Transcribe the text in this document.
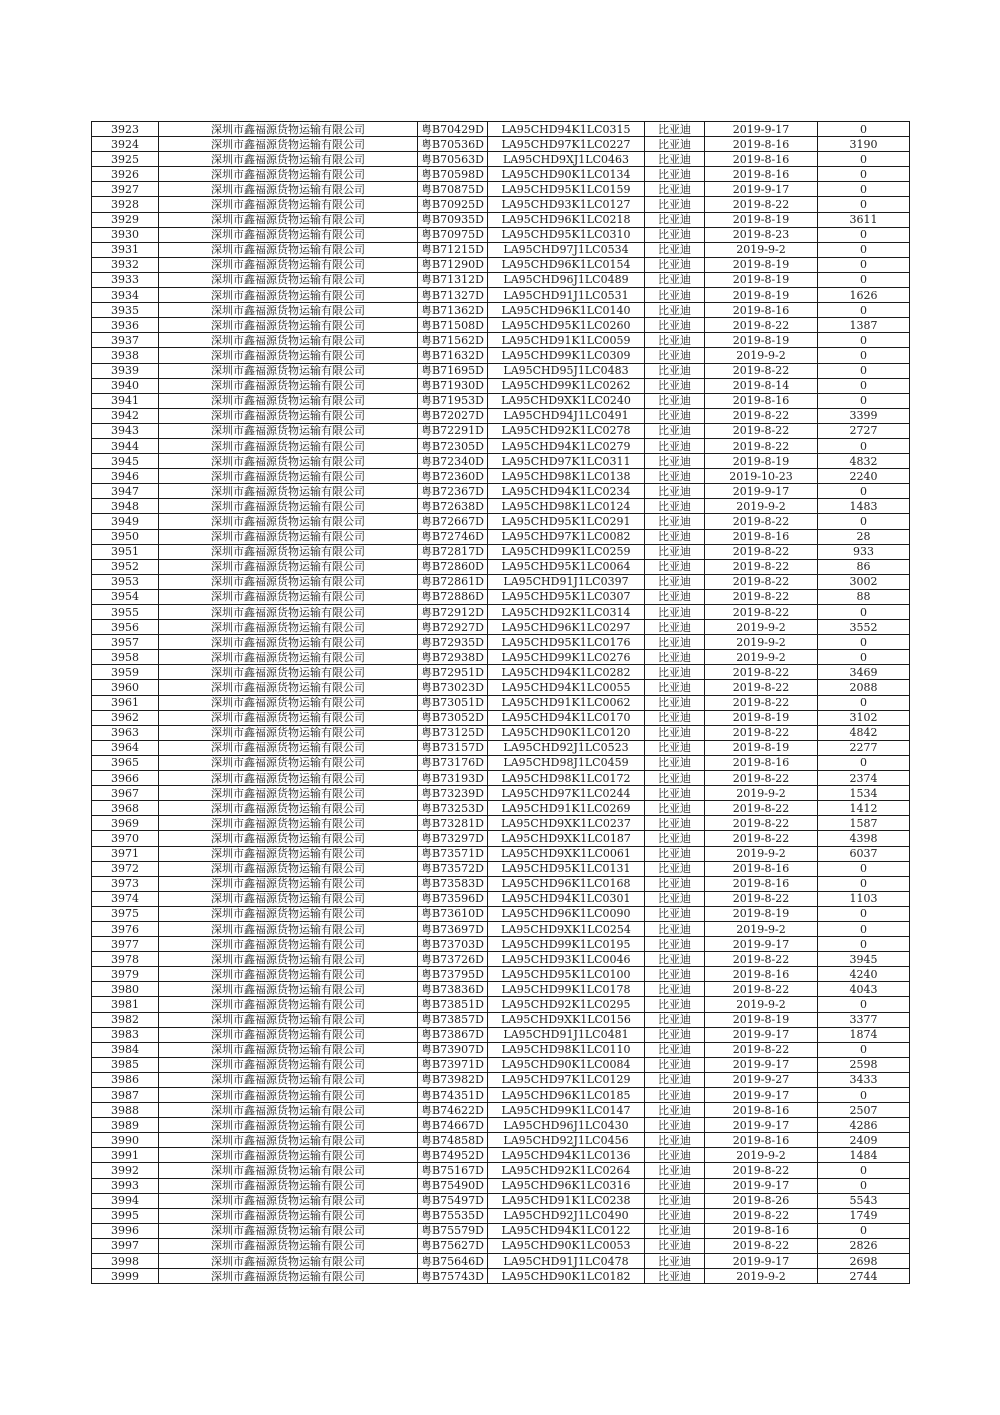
3923	深圳市鑫福源货物运输有限公司	粤B70429D	LA95CHD94K1LC0315	比亚迪	2019-9-17	0
3924	深圳市鑫福源货物运输有限公司	粤B70536D	LA95CHD97K1LC0227	比亚迪	2019-8-16	3190
3925	深圳市鑫福源货物运输有限公司	粤B70563D	LA95CHD9XJ1LC0463	比亚迪	2019-8-16	0
3926	深圳市鑫福源货物运输有限公司	粤B70598D	LA95CHD90K1LC0134	比亚迪	2019-8-16	0
3927	深圳市鑫福源货物运输有限公司	粤B70875D	LA95CHD95K1LC0159	比亚迪	2019-9-17	0
3928	深圳市鑫福源货物运输有限公司	粤B70925D	LA95CHD93K1LC0127	比亚迪	2019-8-22	0
3929	深圳市鑫福源货物运输有限公司	粤B70935D	LA95CHD96K1LC0218	比亚迪	2019-8-19	3611
3930	深圳市鑫福源货物运输有限公司	粤B70975D	LA95CHD95K1LC0310	比亚迪	2019-8-23	0
3931	深圳市鑫福源货物运输有限公司	粤B71215D	LA95CHD97J1LC0534	比亚迪	2019-9-2	0
3932	深圳市鑫福源货物运输有限公司	粤B71290D	LA95CHD96K1LC0154	比亚迪	2019-8-19	0
3933	深圳市鑫福源货物运输有限公司	粤B71312D	LA95CHD96J1LC0489	比亚迪	2019-8-19	0
3934	深圳市鑫福源货物运输有限公司	粤B71327D	LA95CHD91J1LC0531	比亚迪	2019-8-19	1626
3935	深圳市鑫福源货物运输有限公司	粤B71362D	LA95CHD96K1LC0140	比亚迪	2019-8-16	0
3936	深圳市鑫福源货物运输有限公司	粤B71508D	LA95CHD95K1LC0260	比亚迪	2019-8-22	1387
3937	深圳市鑫福源货物运输有限公司	粤B71562D	LA95CHD91K1LC0059	比亚迪	2019-8-19	0
3938	深圳市鑫福源货物运输有限公司	粤B71632D	LA95CHD99K1LC0309	比亚迪	2019-9-2	0
3939	深圳市鑫福源货物运输有限公司	粤B71695D	LA95CHD95J1LC0483	比亚迪	2019-8-22	0
3940	深圳市鑫福源货物运输有限公司	粤B71930D	LA95CHD99K1LC0262	比亚迪	2019-8-14	0
3941	深圳市鑫福源货物运输有限公司	粤B71953D	LA95CHD9XK1LC0240	比亚迪	2019-8-16	0
3942	深圳市鑫福源货物运输有限公司	粤B72027D	LA95CHD94J1LC0491	比亚迪	2019-8-22	3399
3943	深圳市鑫福源货物运输有限公司	粤B72291D	LA95CHD92K1LC0278	比亚迪	2019-8-22	2727
3944	深圳市鑫福源货物运输有限公司	粤B72305D	LA95CHD94K1LC0279	比亚迪	2019-8-22	0
3945	深圳市鑫福源货物运输有限公司	粤B72340D	LA95CHD97K1LC0311	比亚迪	2019-8-19	4832
3946	深圳市鑫福源货物运输有限公司	粤B72360D	LA95CHD98K1LC0138	比亚迪	2019-10-23	2240
3947	深圳市鑫福源货物运输有限公司	粤B72367D	LA95CHD94K1LC0234	比亚迪	2019-9-17	0
3948	深圳市鑫福源货物运输有限公司	粤B72638D	LA95CHD98K1LC0124	比亚迪	2019-9-2	1483
3949	深圳市鑫福源货物运输有限公司	粤B72667D	LA95CHD95K1LC0291	比亚迪	2019-8-22	0
3950	深圳市鑫福源货物运输有限公司	粤B72746D	LA95CHD97K1LC0082	比亚迪	2019-8-16	28
3951	深圳市鑫福源货物运输有限公司	粤B72817D	LA95CHD99K1LC0259	比亚迪	2019-8-22	933
3952	深圳市鑫福源货物运输有限公司	粤B72860D	LA95CHD95K1LC0064	比亚迪	2019-8-22	86
3953	深圳市鑫福源货物运输有限公司	粤B72861D	LA95CHD91J1LC0397	比亚迪	2019-8-22	3002
3954	深圳市鑫福源货物运输有限公司	粤B72886D	LA95CHD95K1LC0307	比亚迪	2019-8-22	88
3955	深圳市鑫福源货物运输有限公司	粤B72912D	LA95CHD92K1LC0314	比亚迪	2019-8-22	0
3956	深圳市鑫福源货物运输有限公司	粤B72927D	LA95CHD96K1LC0297	比亚迪	2019-9-2	3552
3957	深圳市鑫福源货物运输有限公司	粤B72935D	LA95CHD95K1LC0176	比亚迪	2019-9-2	0
3958	深圳市鑫福源货物运输有限公司	粤B72938D	LA95CHD99K1LC0276	比亚迪	2019-9-2	0
3959	深圳市鑫福源货物运输有限公司	粤B72951D	LA95CHD94K1LC0282	比亚迪	2019-8-22	3469
3960	深圳市鑫福源货物运输有限公司	粤B73023D	LA95CHD94K1LC0055	比亚迪	2019-8-22	2088
3961	深圳市鑫福源货物运输有限公司	粤B73051D	LA95CHD91K1LC0062	比亚迪	2019-8-22	0
3962	深圳市鑫福源货物运输有限公司	粤B73052D	LA95CHD94K1LC0170	比亚迪	2019-8-19	3102
3963	深圳市鑫福源货物运输有限公司	粤B73125D	LA95CHD90K1LC0120	比亚迪	2019-8-22	4842
3964	深圳市鑫福源货物运输有限公司	粤B73157D	LA95CHD92J1LC0523	比亚迪	2019-8-19	2277
3965	深圳市鑫福源货物运输有限公司	粤B73176D	LA95CHD98J1LC0459	比亚迪	2019-8-16	0
3966	深圳市鑫福源货物运输有限公司	粤B73193D	LA95CHD98K1LC0172	比亚迪	2019-8-22	2374
3967	深圳市鑫福源货物运输有限公司	粤B73239D	LA95CHD97K1LC0244	比亚迪	2019-9-2	1534
3968	深圳市鑫福源货物运输有限公司	粤B73253D	LA95CHD91K1LC0269	比亚迪	2019-8-22	1412
3969	深圳市鑫福源货物运输有限公司	粤B73281D	LA95CHD9XK1LC0237	比亚迪	2019-8-22	1587
3970	深圳市鑫福源货物运输有限公司	粤B73297D	LA95CHD9XK1LC0187	比亚迪	2019-8-22	4398
3971	深圳市鑫福源货物运输有限公司	粤B73571D	LA95CHD9XK1LC0061	比亚迪	2019-9-2	6037
3972	深圳市鑫福源货物运输有限公司	粤B73572D	LA95CHD95K1LC0131	比亚迪	2019-8-16	0
3973	深圳市鑫福源货物运输有限公司	粤B73583D	LA95CHD96K1LC0168	比亚迪	2019-8-16	0
3974	深圳市鑫福源货物运输有限公司	粤B73596D	LA95CHD94K1LC0301	比亚迪	2019-8-22	1103
3975	深圳市鑫福源货物运输有限公司	粤B73610D	LA95CHD96K1LC0090	比亚迪	2019-8-19	0
3976	深圳市鑫福源货物运输有限公司	粤B73697D	LA95CHD9XK1LC0254	比亚迪	2019-9-2	0
3977	深圳市鑫福源货物运输有限公司	粤B73703D	LA95CHD99K1LC0195	比亚迪	2019-9-17	0
3978	深圳市鑫福源货物运输有限公司	粤B73726D	LA95CHD93K1LC0046	比亚迪	2019-8-22	3945
3979	深圳市鑫福源货物运输有限公司	粤B73795D	LA95CHD95K1LC0100	比亚迪	2019-8-16	4240
3980	深圳市鑫福源货物运输有限公司	粤B73836D	LA95CHD99K1LC0178	比亚迪	2019-8-22	4043
3981	深圳市鑫福源货物运输有限公司	粤B73851D	LA95CHD92K1LC0295	比亚迪	2019-9-2	0
3982	深圳市鑫福源货物运输有限公司	粤B73857D	LA95CHD9XK1LC0156	比亚迪	2019-8-19	3377
3983	深圳市鑫福源货物运输有限公司	粤B73867D	LA95CHD91J1LC0481	比亚迪	2019-9-17	1874
3984	深圳市鑫福源货物运输有限公司	粤B73907D	LA95CHD98K1LC0110	比亚迪	2019-8-22	0
3985	深圳市鑫福源货物运输有限公司	粤B73971D	LA95CHD90K1LC0084	比亚迪	2019-9-17	2598
3986	深圳市鑫福源货物运输有限公司	粤B73982D	LA95CHD97K1LC0129	比亚迪	2019-9-27	3433
3987	深圳市鑫福源货物运输有限公司	粤B74351D	LA95CHD96K1LC0185	比亚迪	2019-9-17	0
3988	深圳市鑫福源货物运输有限公司	粤B74622D	LA95CHD99K1LC0147	比亚迪	2019-8-16	2507
3989	深圳市鑫福源货物运输有限公司	粤B74667D	LA95CHD96J1LC0430	比亚迪	2019-9-17	4286
3990	深圳市鑫福源货物运输有限公司	粤B74858D	LA95CHD92J1LC0456	比亚迪	2019-8-16	2409
3991	深圳市鑫福源货物运输有限公司	粤B74952D	LA95CHD94K1LC0136	比亚迪	2019-9-2	1484
3992	深圳市鑫福源货物运输有限公司	粤B75167D	LA95CHD92K1LC0264	比亚迪	2019-8-22	0
3993	深圳市鑫福源货物运输有限公司	粤B75490D	LA95CHD96K1LC0316	比亚迪	2019-9-17	0
3994	深圳市鑫福源货物运输有限公司	粤B75497D	LA95CHD91K1LC0238	比亚迪	2019-8-26	5543
3995	深圳市鑫福源货物运输有限公司	粤B75535D	LA95CHD92J1LC0490	比亚迪	2019-8-22	1749
3996	深圳市鑫福源货物运输有限公司	粤B75579D	LA95CHD94K1LC0122	比亚迪	2019-8-16	0
3997	深圳市鑫福源货物运输有限公司	粤B75627D	LA95CHD90K1LC0053	比亚迪	2019-8-22	2826
3998	深圳市鑫福源货物运输有限公司	粤B75646D	LA95CHD91J1LC0478	比亚迪	2019-9-17	2698
3999	深圳市鑫福源货物运输有限公司	粤B75743D	LA95CHD90K1LC0182	比亚迪	2019-9-2	2744
